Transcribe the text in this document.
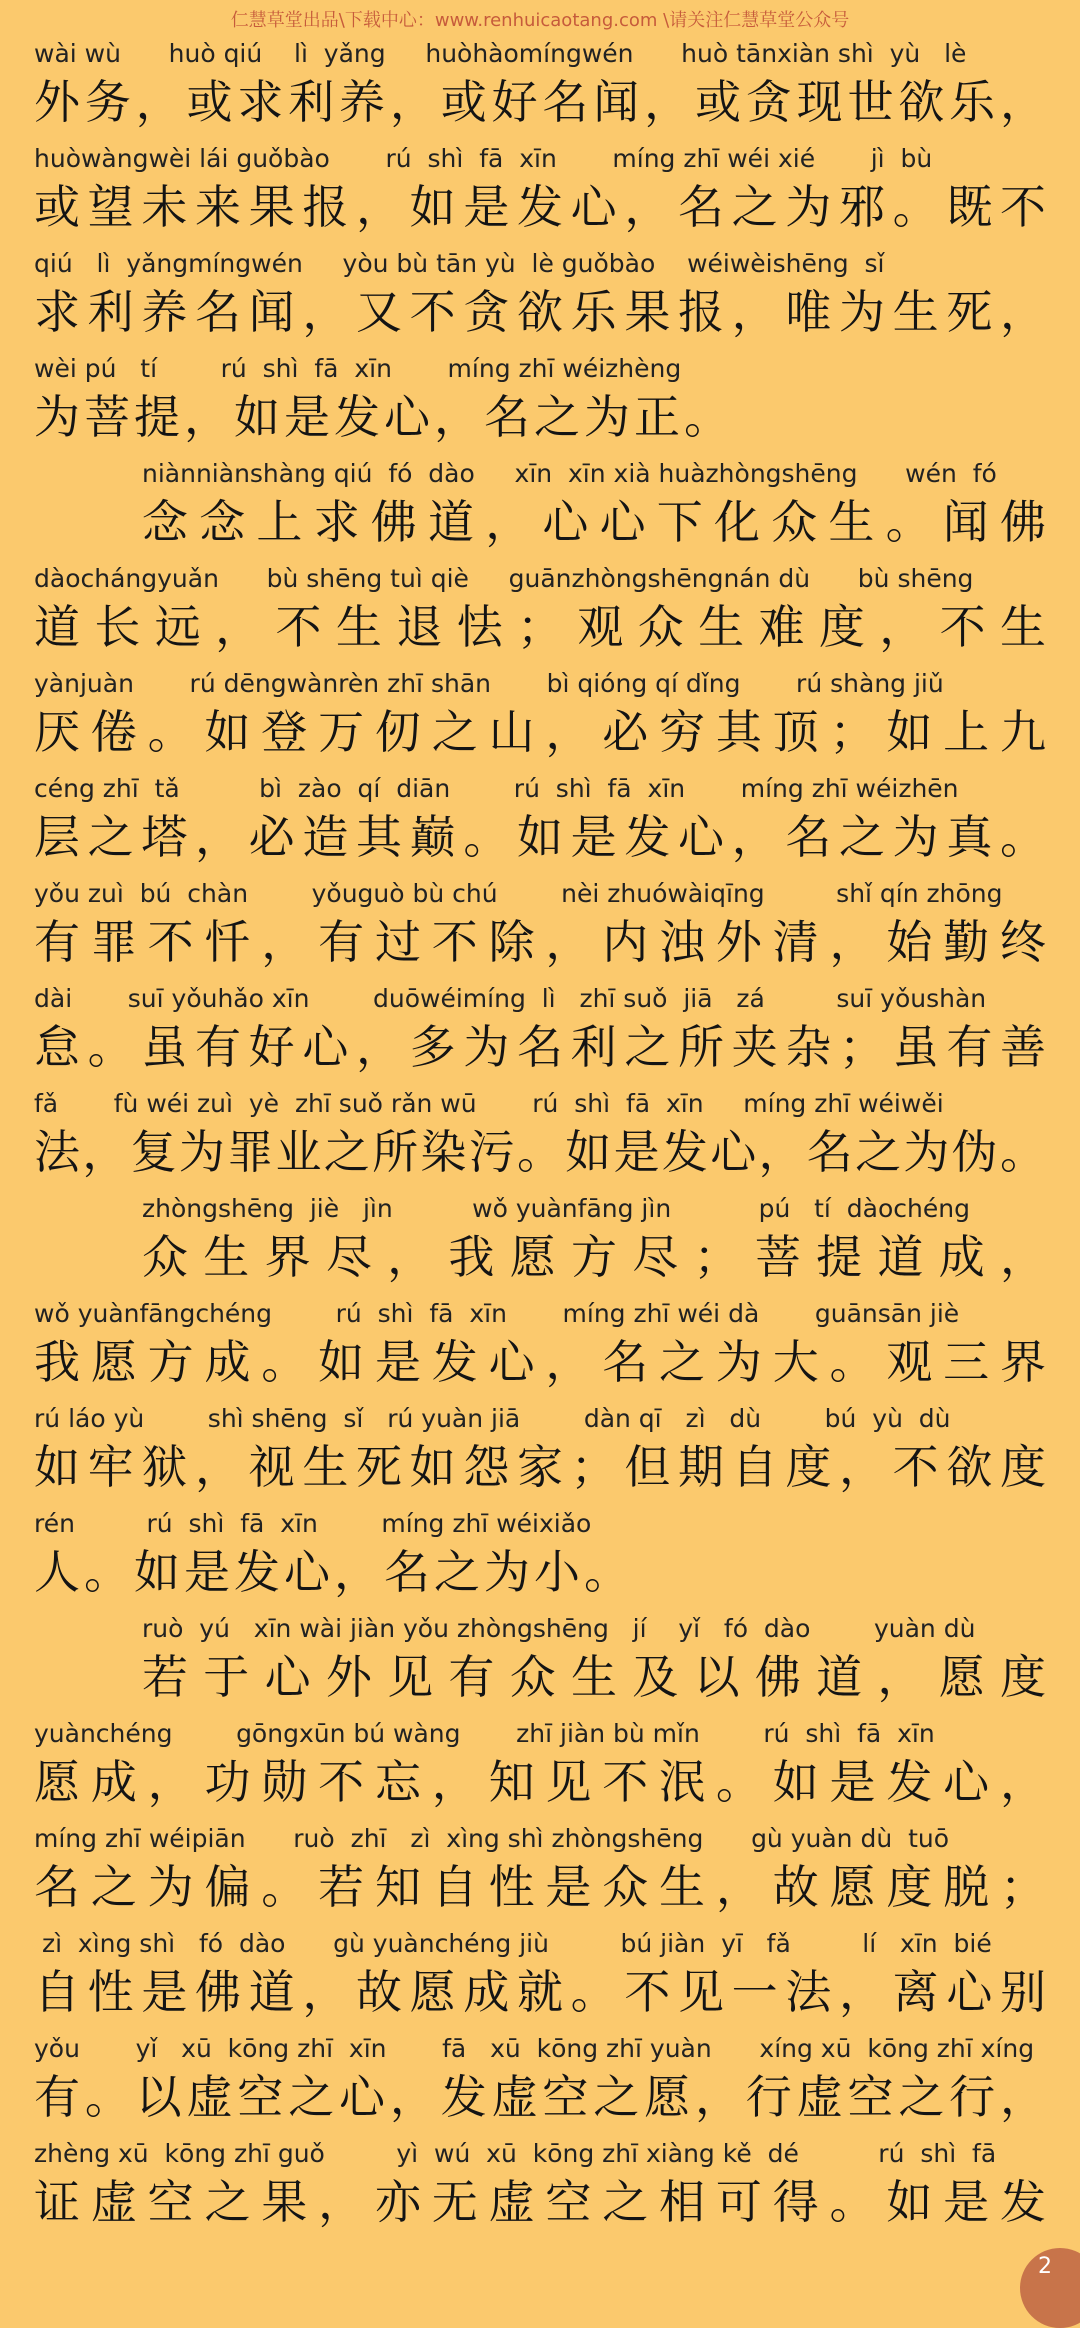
仁慧草堂出品\下载中心：www.renhuicaotang.com \请关注仁慧草堂公众号
wài wù      huò qiú    lì  yǎng     huòhàomíngwén      huò tānxiàn shì  yù   lè
外务，或求利养，或好名闻，或贪现世欲乐，
huòwàngwèi lái guǒbào       rú  shì  fā  xīn       míng zhī wéi xié       jì  bù
或望未来果报，如是发心，名之为邪。既不
qiú   lì  yǎngmíngwén     yòu bù tān yù  lè guǒbào    wéiwèishēng  sǐ
求利养名闻，又不贪欲乐果报，唯为生死，
wèi pú   tí        rú  shì  fā  xīn       míng zhī wéizhèng
为菩提，如是发心，名之为正。
niànniànshàng qiú  fó  dào     xīn  xīn xià huàzhòngshēng      wén  fó
念念上求佛道，心心下化众生。闻佛
dàochángyuǎn      bù shēng tuì qiè     guānzhòngshēngnán dù      bù shēng
道长远，不生退怯；观众生难度，不生
yànjuàn       rú dēngwànrèn zhī shān       bì qióng qí dǐng       rú shàng jiǔ
厌倦。如登万仞之山，必穷其顶；如上九
céng zhī  tǎ          bì  zào  qí  diān        rú  shì  fā  xīn       míng zhī wéizhēn
层之塔，必造其巅。如是发心，名之为真。
yǒu zuì  bú  chàn        yǒuguò bù chú        nèi zhuówàiqīng         shǐ qín zhōng
有罪不忏，有过不除，内浊外清，始勤终
dài       suī yǒuhǎo xīn        duōwéimíng  lì   zhī suǒ  jiā   zá         suī yǒushàn
怠。虽有好心，多为名利之所夹杂；虽有善
fǎ       fù wéi zuì  yè  zhī suǒ rǎn wū       rú  shì  fā  xīn     míng zhī wéiwěi
法，复为罪业之所染污。如是发心，名之为伪。
zhòngshēng  jiè   jìn          wǒ yuànfāng jìn           pú   tí  dàochéng
众生界尽，我愿方尽；菩提道成，
wǒ yuànfāngchéng        rú  shì  fā  xīn       míng zhī wéi dà       guānsān jiè
我愿方成。如是发心，名之为大。观三界
rú láo yù        shì shēng  sǐ   rú yuàn jiā        dàn qī   zì   dù        bú  yù  dù
如牢狱，视生死如怨家；但期自度，不欲度
rén         rú  shì  fā  xīn        míng zhī wéixiǎo
人。如是发心，名之为小。
ruò  yú   xīn wài jiàn yǒu zhòngshēng   jí    yǐ   fó  dào        yuàn dù
若于心外见有众生及以佛道，愿度
yuànchéng        gōngxūn bú wàng       zhī jiàn bù mǐn        rú  shì  fā  xīn
愿成，功勋不忘，知见不泯。如是发心，
míng zhī wéipiān      ruò  zhī   zì  xìng shì zhòngshēng      gù yuàn dù  tuō
名之为偏。若知自性是众生，故愿度脱；
zì  xìng shì   fó  dào      gù yuànchéng jiù         bú jiàn  yī   fǎ         lí   xīn  bié
自性是佛道，故愿成就。不见一法，离心别
yǒu       yǐ   xū  kōng zhī  xīn       fā   xū  kōng zhī yuàn      xíng xū  kōng zhī xíng
有。以虚空之心，发虚空之愿，行虚空之行，
zhèng xū  kōng zhī guǒ         yì  wú  xū  kōng zhī xiàng kě  dé          rú  shì  fā
证虚空之果，亦无虚空之相可得。如是发
2
